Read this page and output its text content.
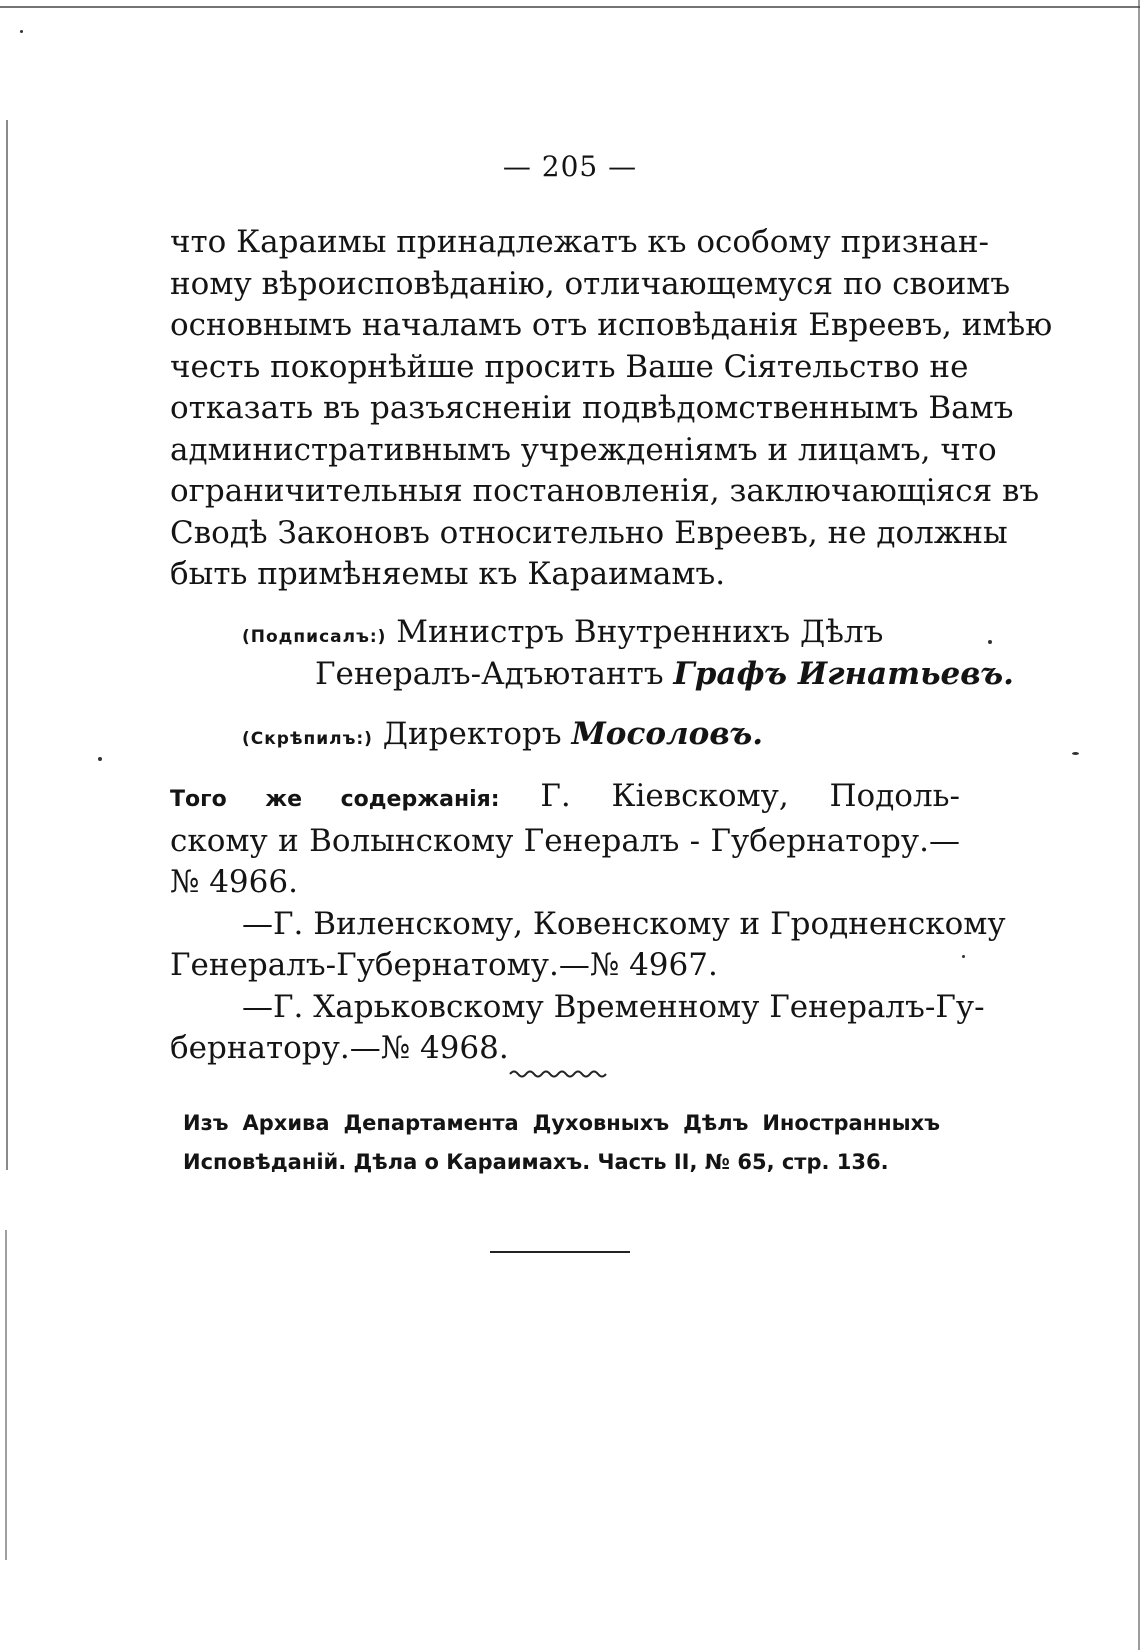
— 205 —
что Караимы принадлежатъ къ особому признан-
ному вѣроисповѣданію, отличающемуся по своимъ
основнымъ началамъ отъ исповѣданія Евреевъ, имѣю
честь покорнѣйше просить Ваше Сіятельство не
отказать въ разъясненіи подвѣдомственнымъ Вамъ
административнымъ учрежденіямъ и лицамъ, что
ограничительныя постановленія, заключающіяся въ
Сводѣ Законовъ относительно Евреевъ, не должны
быть примѣняемы къ Караимамъ.
(Подписалъ:) Министръ Внутреннихъ Дѣлъ
Генералъ-Адъютантъ Графъ Игнатьевъ.
(Скрѣпилъ:) Директоръ Мосоловъ.
Того же содержанія: Г. Кіевскому, Подоль-
скому и Волынскому Генералъ - Губернатору.—
№ 4966.
—Г. Виленскому, Ковенскому и Гродненскому
Генералъ-Губернатому.—№ 4967.
—Г. Харьковскому Временному Генералъ-Гу-
бернатору.—№ 4968.
Изъ Архива Департамента Духовныхъ Дѣлъ Иностранныхъ
Исповѣданій. Дѣла о Караимахъ. Часть II, № 65, стр. 136.
